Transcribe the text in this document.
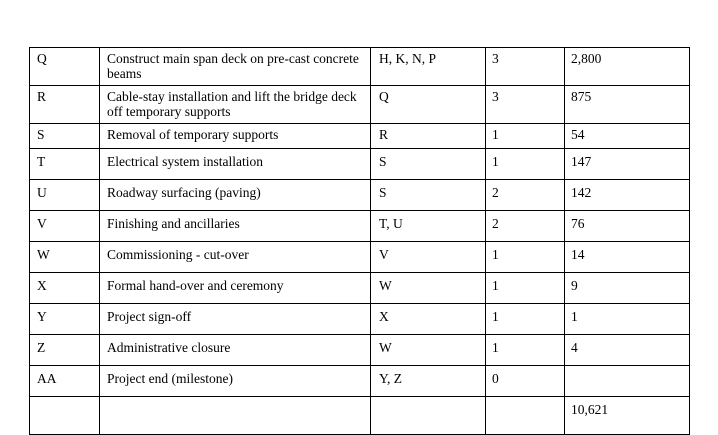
Q	Construct main span deck on pre-cast concrete beams	H, K, N, P	3	2,800
R	Cable-stay installation and lift the bridge deck off temporary supports	Q	3	875
S	Removal of temporary supports	R	1	54
T	Electrical system installation	S	1	147
U	Roadway surfacing (paving)	S	2	142
V	Finishing and ancillaries	T, U	2	76
W	Commissioning - cut-over	V	1	14
X	Formal hand-over and ceremony	W	1	9
Y	Project sign-off	X	1	1
Z	Administrative closure	W	1	4
AA	Project end (milestone)	Y, Z	0	
				10,621
